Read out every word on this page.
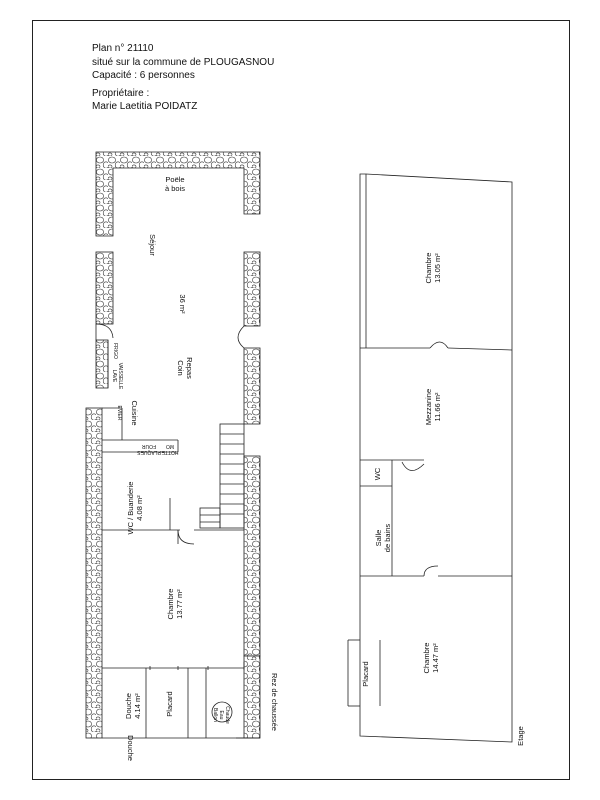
Plan n° 21110
situé sur la commune de PLOUGASNOU
Capacité : 6 personnes
Propriétaire :
Marie Laetitia POIDATZ
Poële
à bois
Séjour
36 m²
Coin Repas
EVIER Cuisine
Douche
FRIGO
LAVE VAISSELLE
FOUR MO
PLAQUES HOTTE
Ballon Eau Chaude
WC / Buanderie 4.08 m²
Chambre 13.77 m²
Douche 4.14 m²	Placard	Rez de chaussée
Chambre 13.05 m²
Mezzanine 11.66 m²
WC
Salle de bains
Placard
Chambre 14.47 m²
Etage
